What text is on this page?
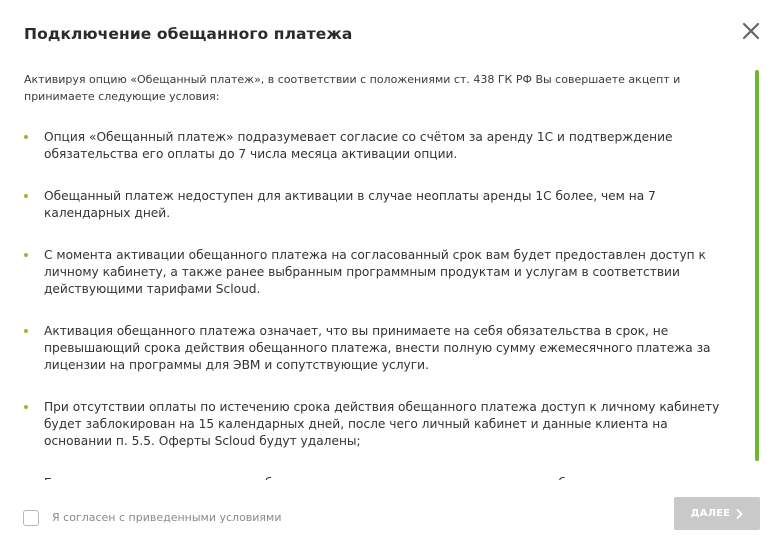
Подключение обещанного платежа

Активируя опцию «Обещанный платеж», в соответствии с положениями ст. 438 ГК РФ Вы совершаете акцепт и принимаете следующие условия:

Опция «Обещанный платеж» подразумевает согласие со счётом за аренду 1С и подтверждение обязательства его оплаты до 7 числа месяца активации опции.
Обещанный платеж недоступен для активации в случае неоплаты аренды 1С более, чем на 7 календарных дней.
С момента активации обещанного платежа на согласованный срок вам будет предоставлен доступ к личному кабинету, а также ранее выбранным программным продуктам и услугам в соответствии действующими тарифами Scloud.
Активация обещанного платежа означает, что вы принимаете на себя обязательства в срок, не превышающий срока действия обещанного платежа, внести полную сумму ежемесячного платежа за лицензии на программы для ЭВМ и сопутствующие услуги.
При отсутствии оплаты по истечению срока действия обещанного платежа доступ к личному кабинету будет заблокирован на 15 календарных дней, после чего личный кабинет и данные клиента на основании п. 5.5. Оферты Scloud будут удалены;
Я согласен с приведенными условиями	ДАЛЕЕ
